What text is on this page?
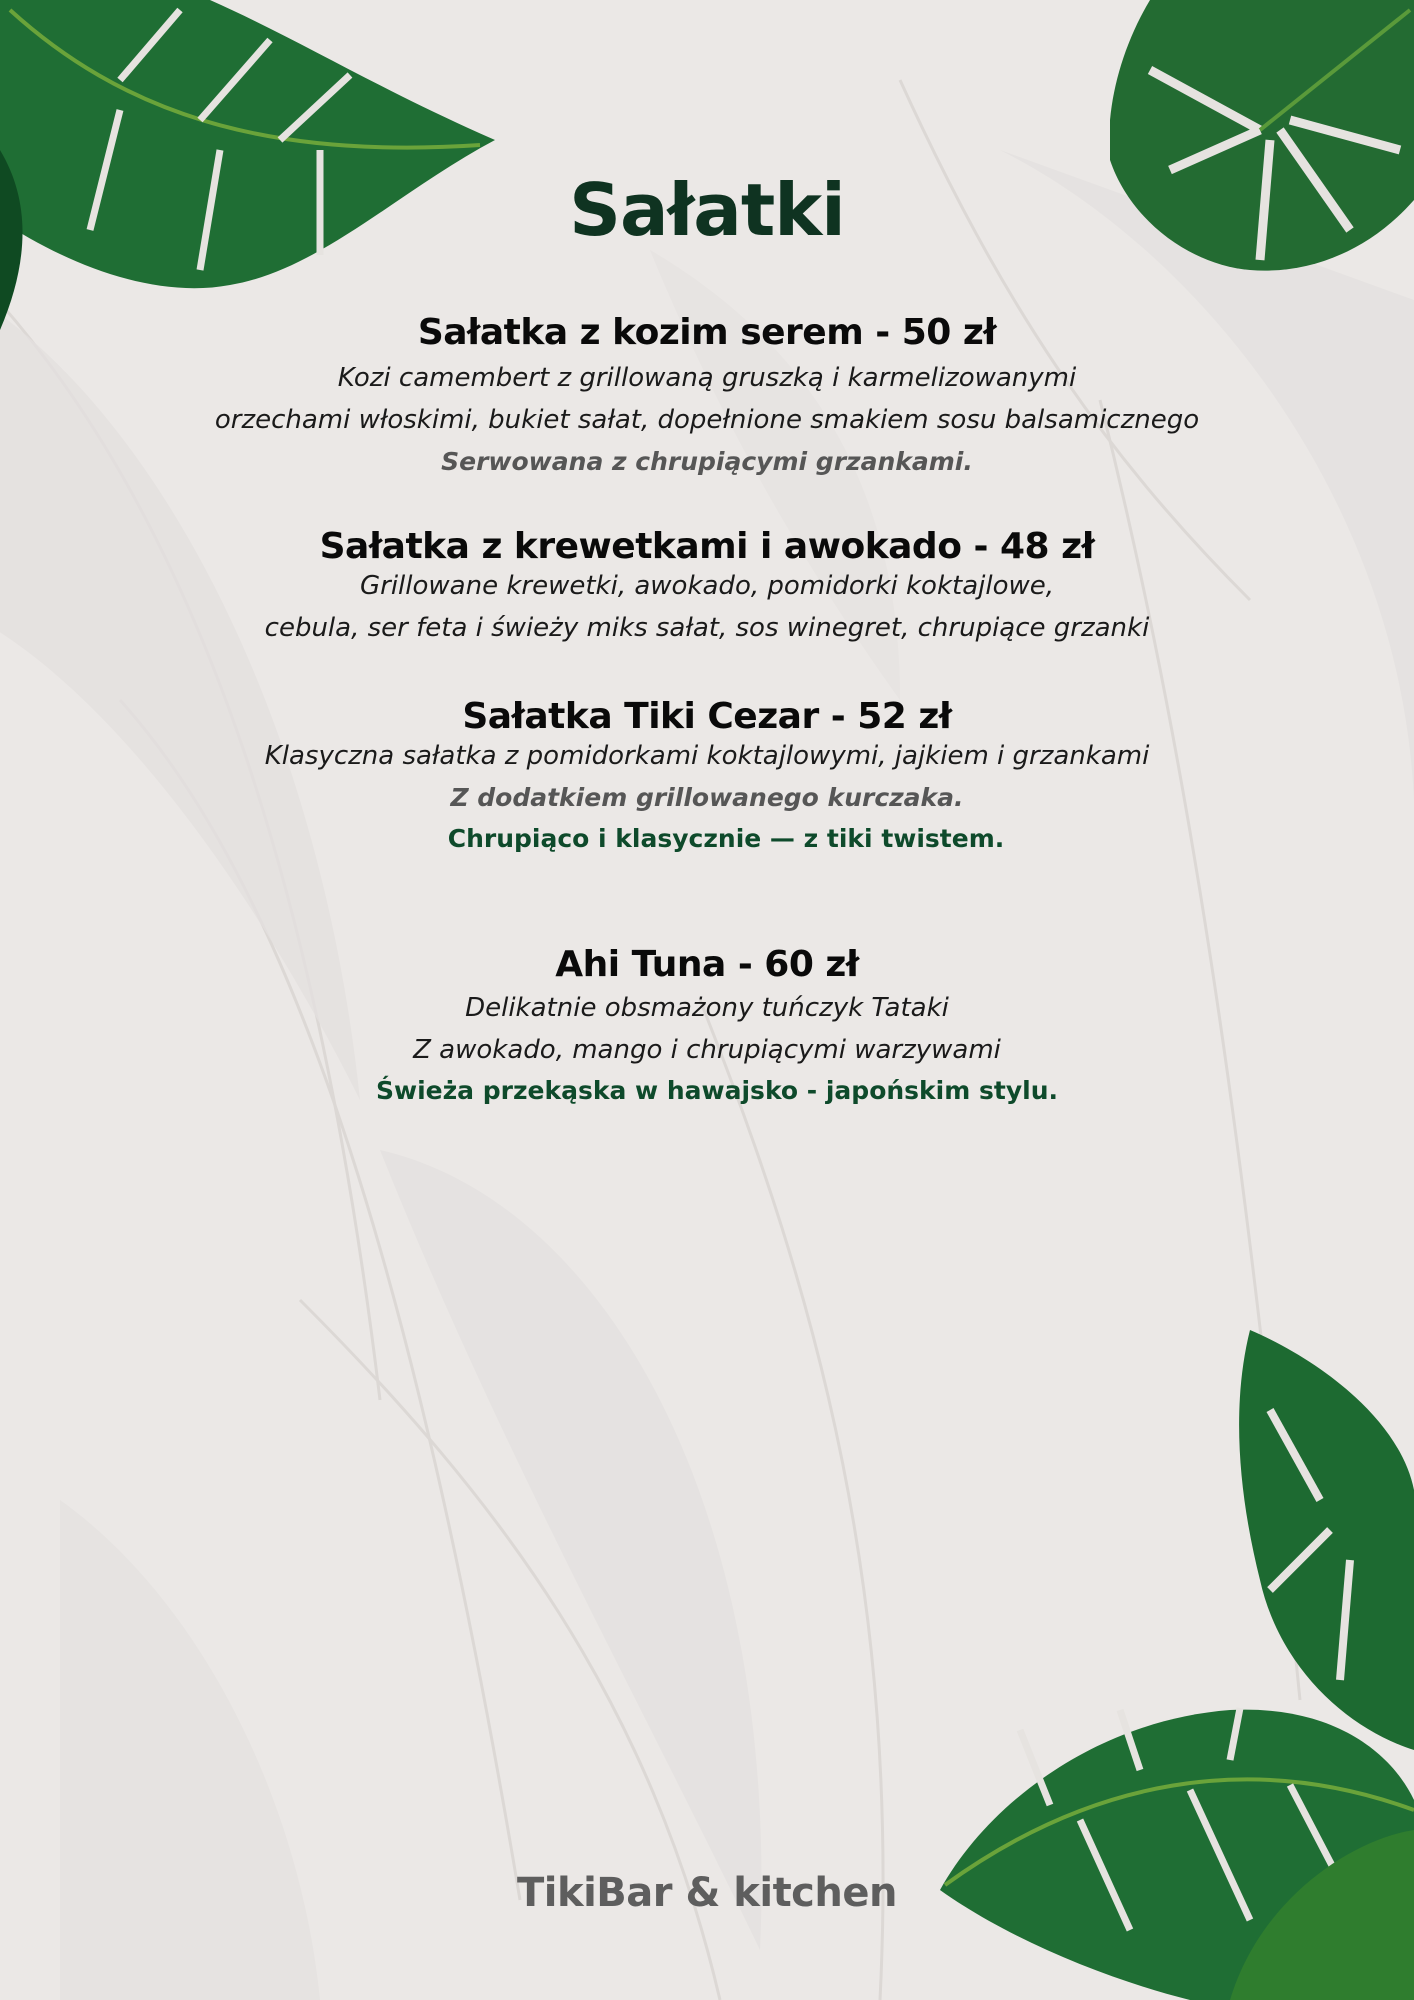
Sałatki

Sałatka z kozim serem - 50 zł

Kozi camembert z grillowaną gruszką i karmelizowanymi

orzechami włoskimi, bukiet sałat, dopełnione smakiem sosu balsamicznego

Serwowana z chrupiącymi grzankami.

Sałatka z krewetkami i awokado - 48 zł

Grillowane krewetki, awokado, pomidorki koktajlowe,

cebula, ser feta i świeży miks sałat, sos winegret, chrupiące grzanki

Sałatka Tiki Cezar - 52 zł

Klasyczna sałatka z pomidorkami koktajlowymi, jajkiem i grzankami

Z dodatkiem grillowanego kurczaka.

Chrupiąco i klasycznie — z tiki twistem.

Ahi Tuna - 60 zł

Delikatnie obsmażony tuńczyk Tataki

Z awokado, mango i chrupiącymi warzywami

Świeża przekąska w hawajsko - japońskim stylu.

TikiBar & kitchen
